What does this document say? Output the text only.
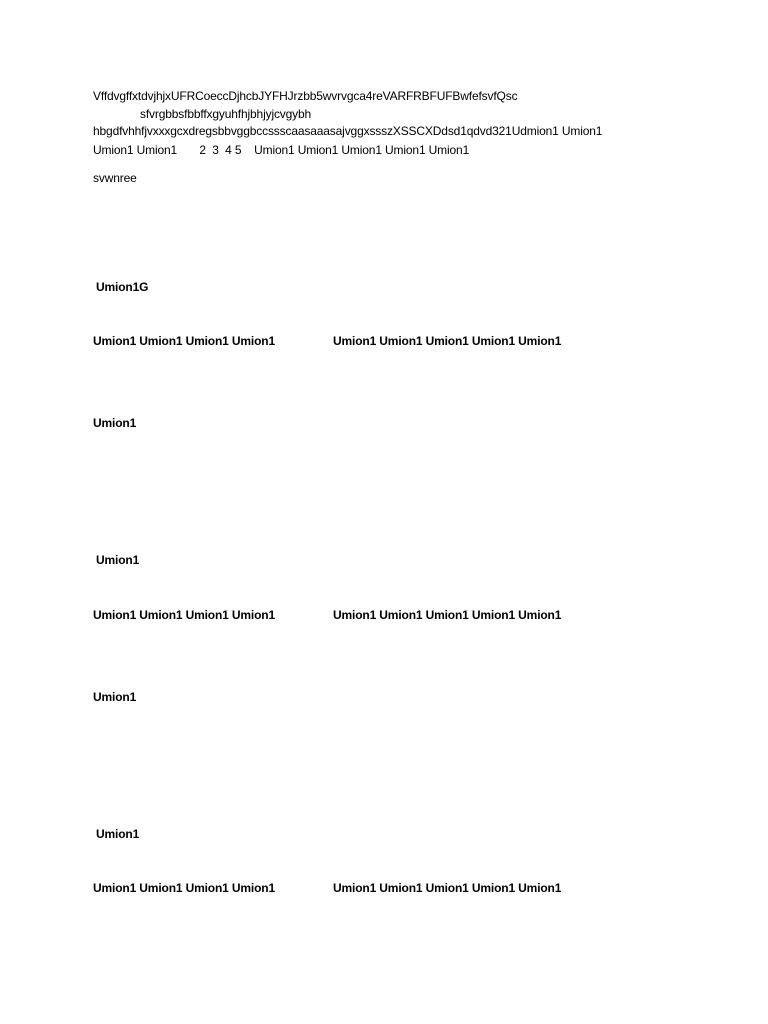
Vffdvgffxtdvjhjx​UFRCoeccDjhcbJYFHJrzbb5wvrvgca4reVARFRBFUFBwfefsvfQsc
sfvrgbbsfbbffxgyuhfhjbhjyjcvgybh
hbgdfvhhfjvxxxgcxdregsbbvggbccssscaasaaasajvggxssszXSSCXDdsd1qdvd321Udmion1 Umion1
Umion1 Umion1       2  3  4 5    Umion1 Umion1 Umion1 Umion1 Umion1
svwnree
Umion1G
Umion1 Umion1 Umion1 Umion1	Umion1 Umion1 Umion1 Umion1 Umion1
Umion1
Umion1
Umion1 Umion1 Umion1 Umion1	Umion1 Umion1 Umion1 Umion1 Umion1
Umion1
Umion1
Umion1 Umion1 Umion1 Umion1	Umion1 Umion1 Umion1 Umion1 Umion1
